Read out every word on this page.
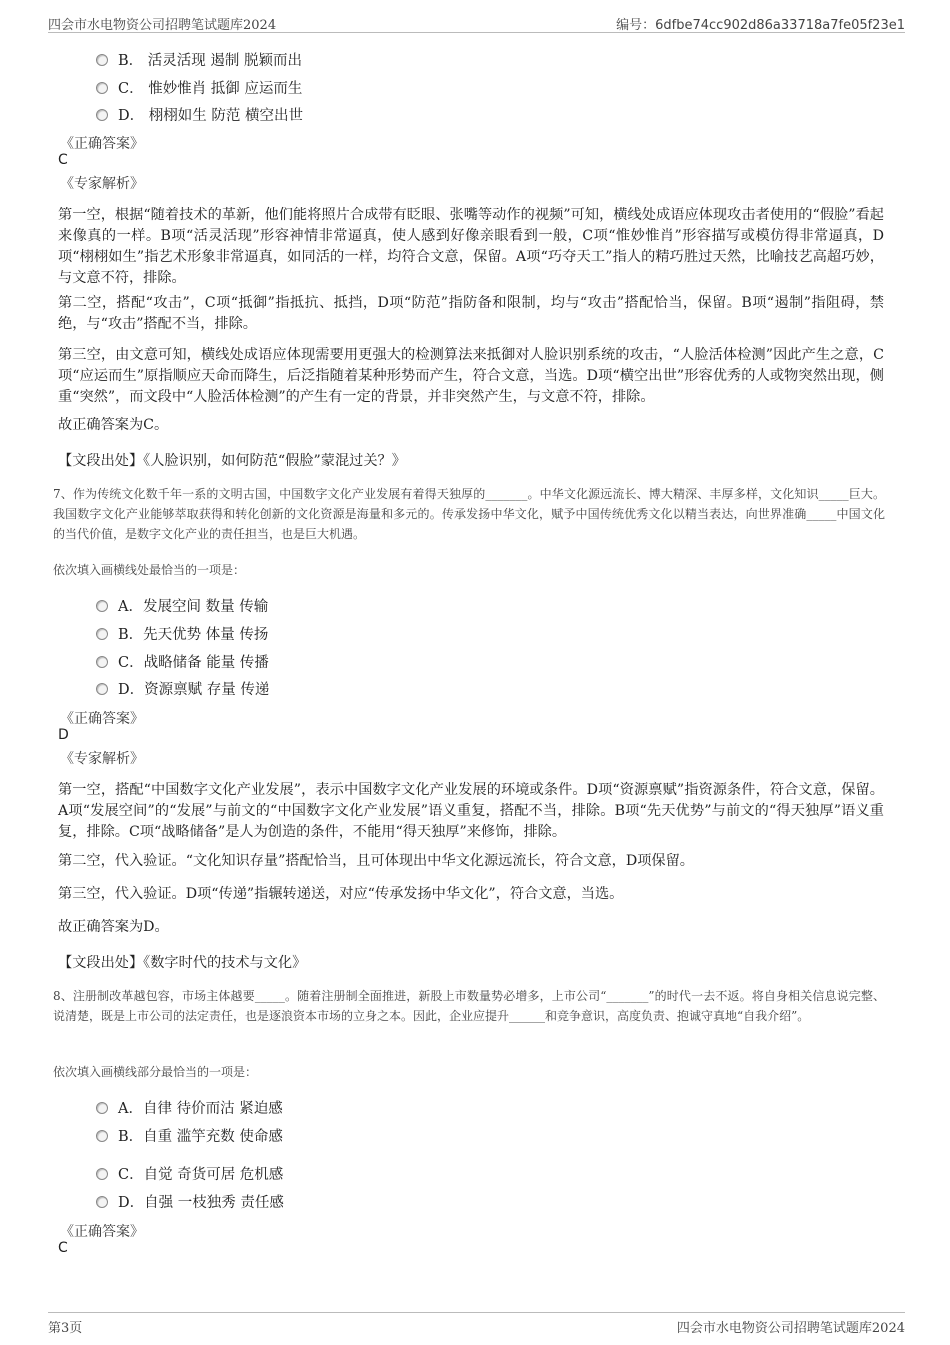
四会市水电物资公司招聘笔试题库2024	编号：6dfbe74cc902d86a33718a7fe05f23e1
B． 活灵活现 遏制 脱颖而出
C． 惟妙惟肖 抵御 应运而生
D． 栩栩如生 防范 横空出世
《正确答案》
C
《专家解析》
第一空，根据“随着技术的革新，他们能将照片合成带有眨眼、张嘴等动作的视频”可知，横线处成语应体现攻击者使用的“假脸”看起来像真的一样。B项“活灵活现”形容神情非常逼真，使人感到好像亲眼看到一般，C项“惟妙惟肖”形容描写或模仿得非常逼真，D项“栩栩如生”指艺术形象非常逼真，如同活的一样，均符合文意，保留。A项“巧夺天工”指人的精巧胜过天然，比喻技艺高超巧妙，与文意不符，排除。
第二空，搭配“攻击”，C项“抵御”指抵抗、抵挡，D项“防范”指防备和限制，均与“攻击”搭配恰当，保留。B项“遏制”指阻碍，禁绝，与“攻击”搭配不当，排除。
第三空，由文意可知，横线处成语应体现需要用更强大的检测算法来抵御对人脸识别系统的攻击，“人脸活体检测”因此产生之意，C项“应运而生”原指顺应天命而降生，后泛指随着某种形势而产生，符合文意，当选。D项“横空出世”形容优秀的人或物突然出现，侧重“突然”，而文段中“人脸活体检测”的产生有一定的背景，并非突然产生，与文意不符，排除。
故正确答案为C。
【文段出处】《人脸识别，如何防范“假脸”蒙混过关？》
7、作为传统文化数千年一系的文明古国，中国数字文化产业发展有着得天独厚的_______。中华文化源远流长、博大精深、丰厚多样，文化知识_____巨大。我国数字文化产业能够萃取获得和转化创新的文化资源是海量和多元的。传承发扬中华文化，赋予中国传统优秀文化以精当表达，向世界准确_____中国文化的当代价值，是数字文化产业的责任担当，也是巨大机遇。
依次填入画横线处最恰当的一项是：
A．发展空间 数量 传输
B．先天优势 体量 传扬
C．战略储备 能量 传播
D．资源禀赋 存量 传递
《正确答案》
D
《专家解析》
第一空，搭配“中国数字文化产业发展”，表示中国数字文化产业发展的环境或条件。D项“资源禀赋”指资源条件，符合文意，保留。A项“发展空间”的“发展”与前文的“中国数字文化产业发展”语义重复，搭配不当，排除。B项“先天优势”与前文的“得天独厚”语义重复，排除。C项“战略储备”是人为创造的条件，不能用“得天独厚”来修饰，排除。
第二空，代入验证。“文化知识存量”搭配恰当，且可体现出中华文化源远流长，符合文意，D项保留。
第三空，代入验证。D项“传递”指辗转递送，对应“传承发扬中华文化”，符合文意，当选。
故正确答案为D。
【文段出处】《数字时代的技术与文化》
8、注册制改革越包容，市场主体越要_____。随着注册制全面推进，新股上市数量势必增多，上市公司“_______”的时代一去不返。将自身相关信息说完整、说清楚，既是上市公司的法定责任，也是逐浪资本市场的立身之本。因此，企业应提升______和竞争意识，高度负责、抱诚守真地“自我介绍”。
依次填入画横线部分最恰当的一项是：
A．自律 待价而沽 紧迫感
B．自重 滥竽充数 使命感
C．自觉 奇货可居 危机感
D．自强 一枝独秀 责任感
《正确答案》
C
第3页	四会市水电物资公司招聘笔试题库2024
